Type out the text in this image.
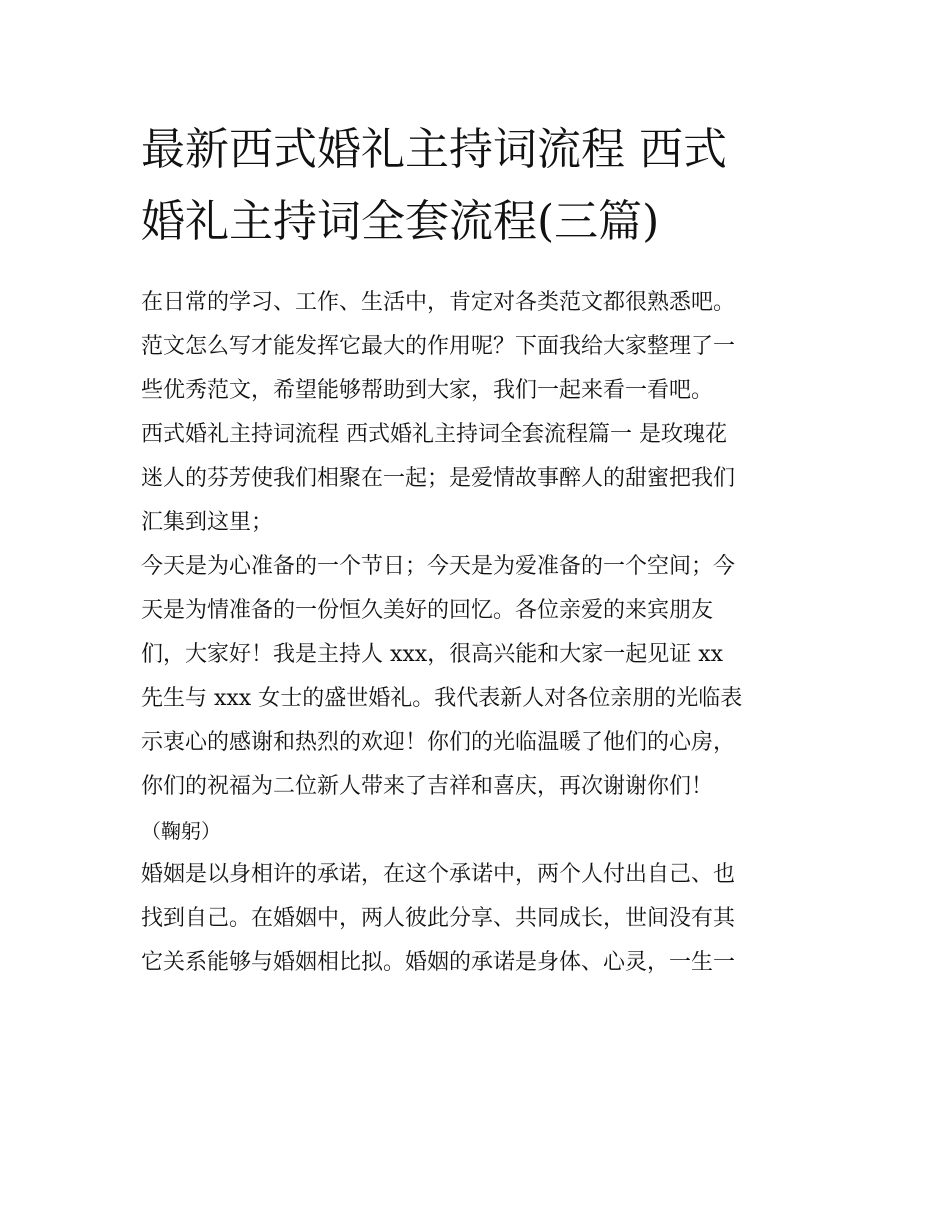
最新西式婚礼主持词流程 西式
婚礼主持词全套流程(三篇)
在日常的学习、工作、生活中，肯定对各类范文都很熟悉吧。
范文怎么写才能发挥它最大的作用呢？下面我给大家整理了一
些优秀范文，希望能够帮助到大家，我们一起来看一看吧。
西式婚礼主持词流程 西式婚礼主持词全套流程篇一 是玫瑰花
迷人的芬芳使我们相聚在一起；是爱情故事醉人的甜蜜把我们
汇集到这里；
今天是为心准备的一个节日；今天是为爱准备的一个空间；今
天是为情准备的一份恒久美好的回忆。各位亲爱的来宾朋友
们，大家好！我是主持人 xxx，很高兴能和大家一起见证 xx
先生与 xxx 女士的盛世婚礼。我代表新人对各位亲朋的光临表
示衷心的感谢和热烈的欢迎！你们的光临温暖了他们的心房，
你们的祝福为二位新人带来了吉祥和喜庆，再次谢谢你们！
（鞠躬）
婚姻是以身相许的承诺，在这个承诺中，两个人付出自己、也
找到自己。在婚姻中，两人彼此分享、共同成长，世间没有其
它关系能够与婚姻相比拟。婚姻的承诺是身体、心灵，一生一
